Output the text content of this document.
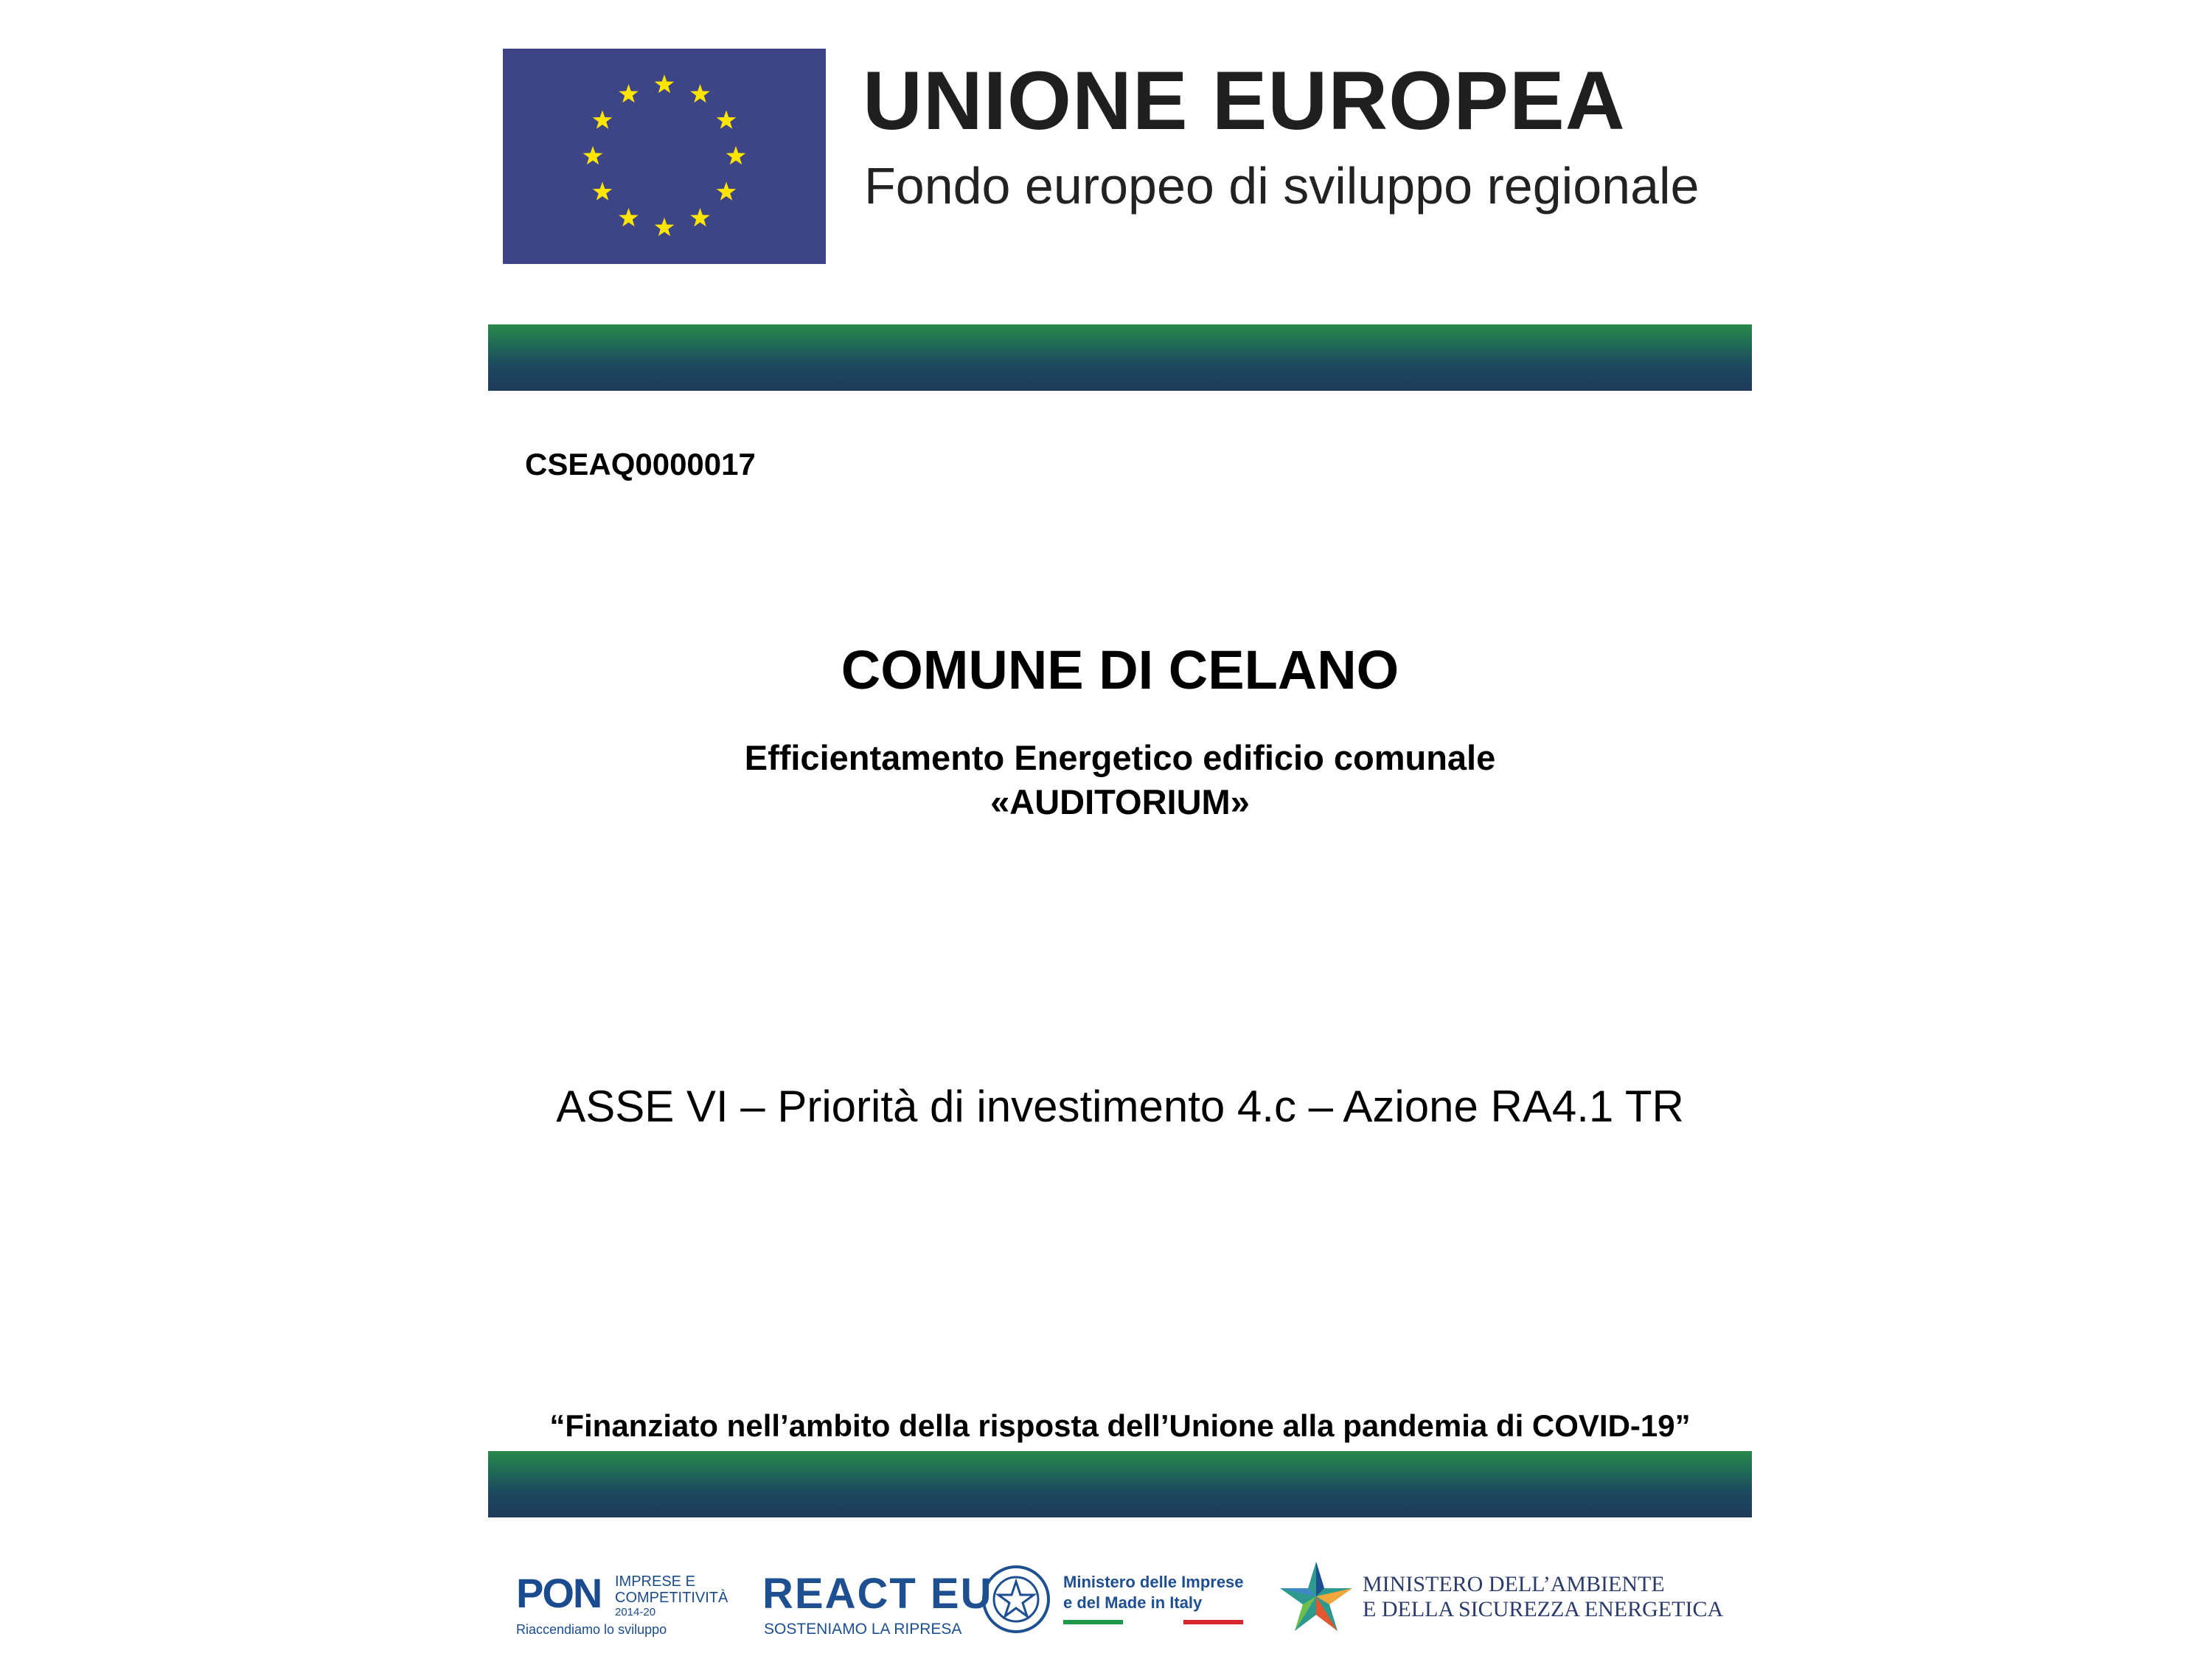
UNIONE EUROPEA
Fondo europeo di sviluppo regionale
CSEAQ0000017
COMUNE DI CELANO
Efficientamento Energetico edificio comunale
«AUDITORIUM»
ASSE VI – Priorità di investimento 4.c – Azione RA4.1 TR
“Finanziato nell’ambito della risposta dell’Unione alla pandemia di COVID-19”
PON IMPRESE E
COMPETITIVITÀ
2014-20
Riaccendiamo lo sviluppo
REACT EU
SOSTENIAMO LA RIPRESA
Ministero delle Imprese
e del Made in Italy
MINISTERO DELL’AMBIENTE
E DELLA SICUREZZA ENERGETICA
